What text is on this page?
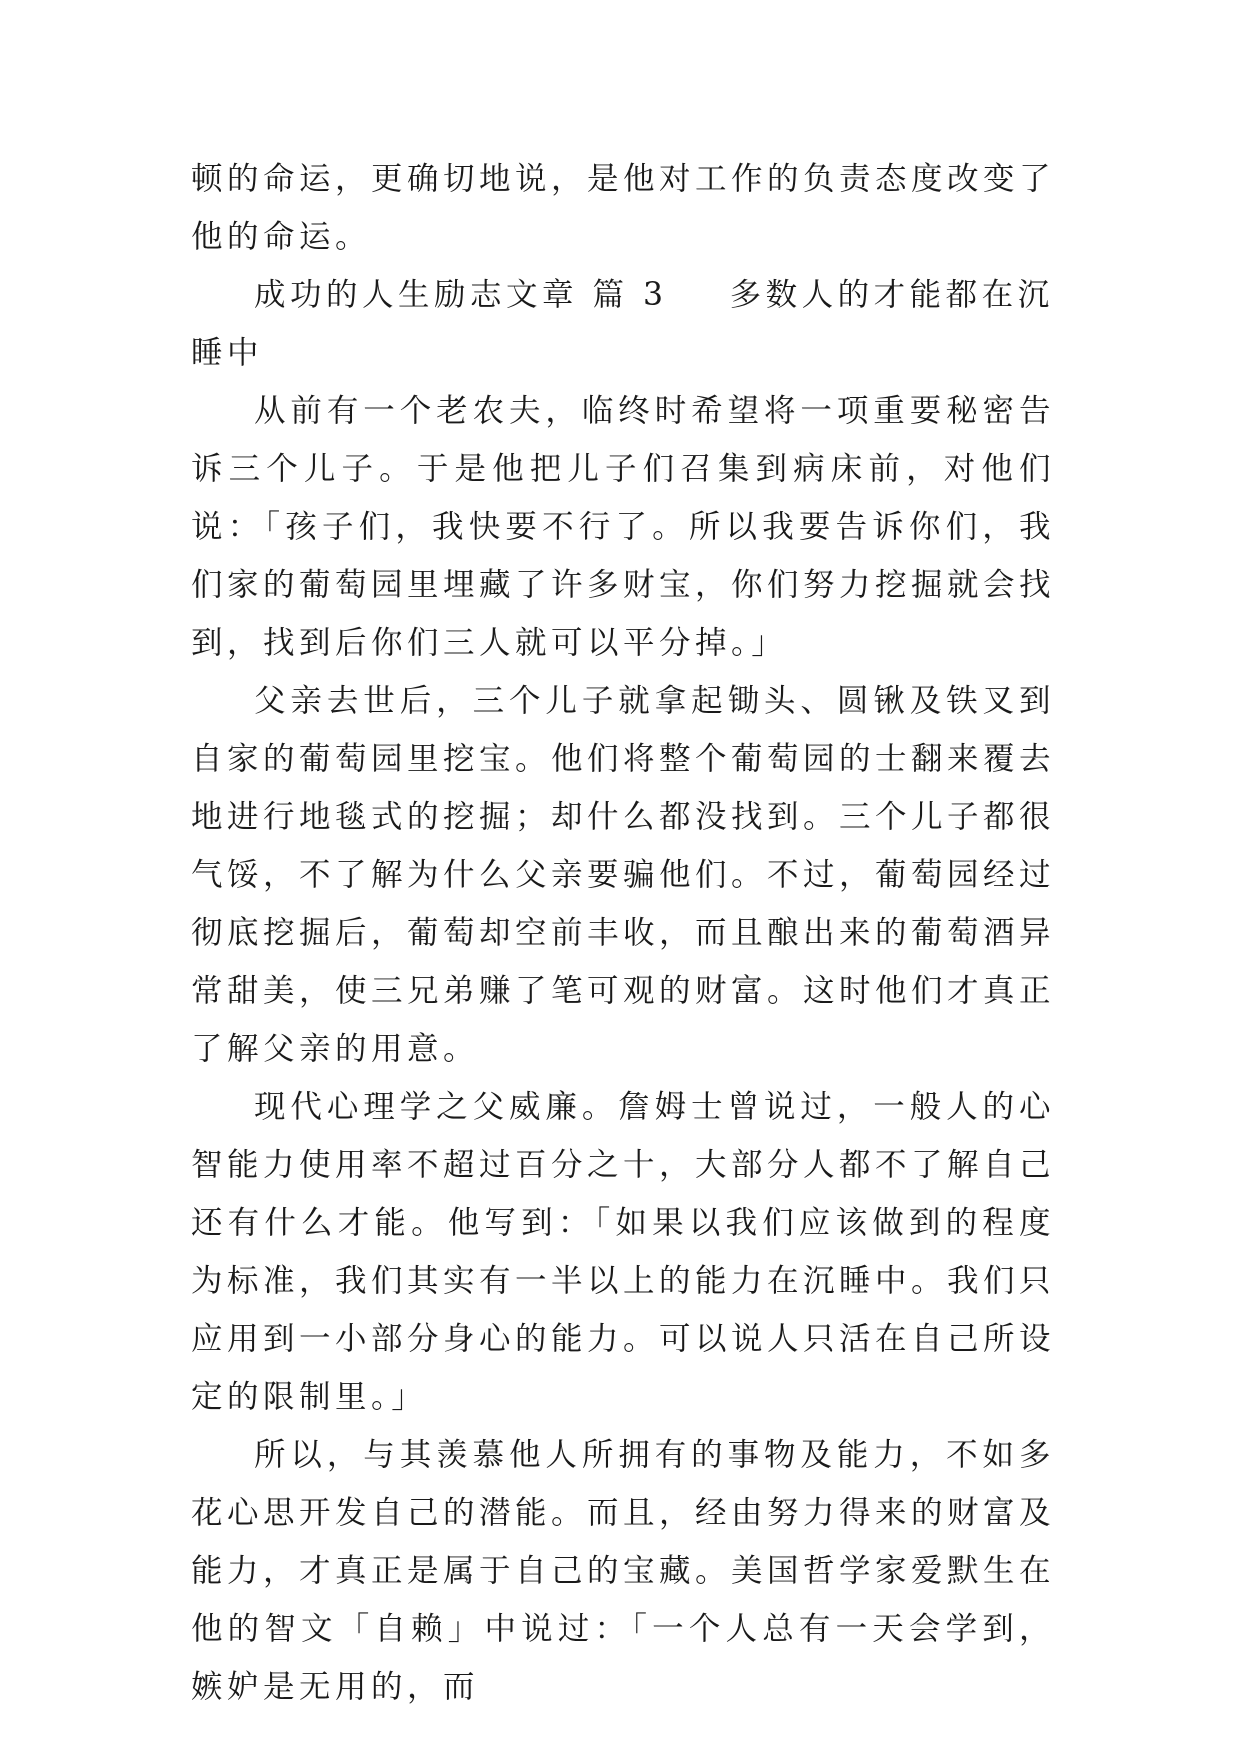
顿的命运，更确切地说，是他对工作的负责态度改变了他的命运。

成功的人生励志文章 篇 3 多数人的才能都在沉睡中

从前有一个老农夫，临终时希望将一项重要秘密告诉三个儿子。于是他把儿子们召集到病床前，对他们说：「孩子们，我快要不行了。所以我要告诉你们，我们家的葡萄园里埋藏了许多财宝，你们努力挖掘就会找到，找到后你们三人就可以平分掉。」

父亲去世后，三个儿子就拿起锄头、圆锹及铁叉到自家的葡萄园里挖宝。他们将整个葡萄园的士翻来覆去地进行地毯式的挖掘；却什么都没找到。三个儿子都很气馁，不了解为什么父亲要骗他们。不过，葡萄园经过彻底挖掘后，葡萄却空前丰收，而且酿出来的葡萄酒异常甜美，使三兄弟赚了笔可观的财富。这时他们才真正了解父亲的用意。

现代心理学之父威廉。詹姆士曾说过，一般人的心智能力使用率不超过百分之十，大部分人都不了解自己还有什么才能。他写到：「如果以我们应该做到的程度为标准，我们其实有一半以上的能力在沉睡中。我们只应用到一小部分身心的能力。可以说人只活在自己所设定的限制里。」

所以，与其羡慕他人所拥有的事物及能力，不如多花心思开发自己的潜能。而且，经由努力得来的财富及能力，才真正是属于自己的宝藏。美国哲学家爱默生在他的智文「自赖」中说过：「一个人总有一天会学到，嫉妒是无用的，而
